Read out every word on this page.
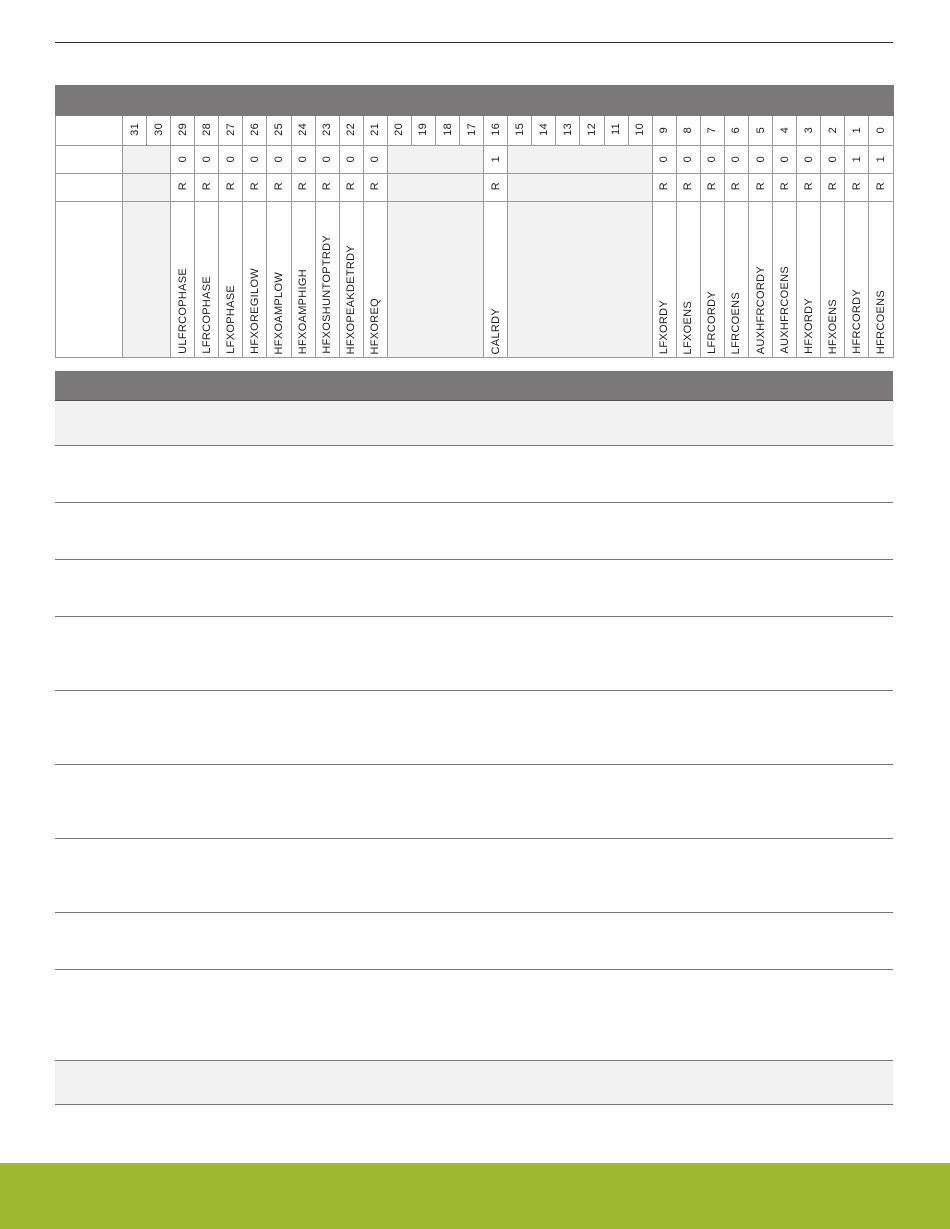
	31	30	29	28	27	26	25	24	23	22	21	20	19	18	17	16	15	14	13	12	11	10	9	8	7	6	5	4	3	2	1	0
			0	0	0	0	0	0	0	0	0					1							0	0	0	0	0	0	0	0	1	1
			R	R	R	R	R	R	R	R	R					R							R	R	R	R	R	R	R	R	R	R
			ULFRCOPHASE	LFRCOPHASE	LFXOPHASE	HFXOREGILOW	HFXOAMPLOW	HFXOAMPHIGH	HFXOSHUNTOPTRDY	HFXOPEAKDETRDY	HFXOREQ					CALRDY							LFXORDY	LFXOENS	LFRCORDY	LFRCOENS	AUXHFRCORDY	AUXHFRCOENS	HFXORDY	HFXOENS	HFRCORDY	HFRCOENS
